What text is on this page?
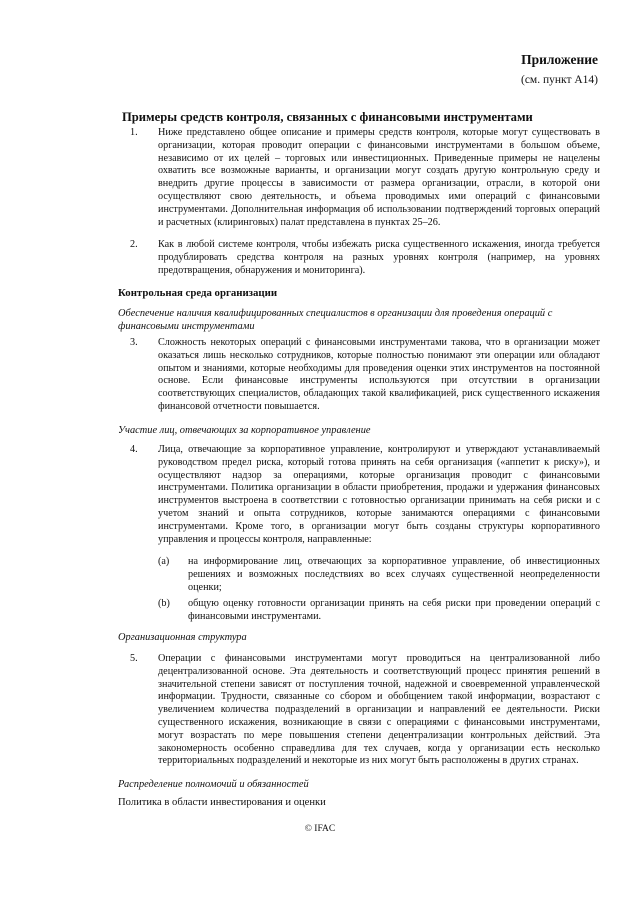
Приложение
(см. пункт А14)
Примеры средств контроля, связанных с финансовыми инструментами
1. Ниже представлено общее описание и примеры средств контроля, которые могут существовать в организации, которая проводит операции с финансовыми инструментами в большом объеме, независимо от их целей – торговых или инвестиционных. Приведенные примеры не нацелены охватить все возможные варианты, и организации могут создать другую контрольную среду и внедрить другие процессы в зависимости от размера организации, отрасли, в которой они осуществляют свою деятельность, и объема проводимых ими операций с финансовыми инструментами. Дополнительная информация об использовании подтверждений торговых операций и расчетных (клиринговых) палат представлена в пунктах 25–26.
2. Как в любой системе контроля, чтобы избежать риска существенного искажения, иногда требуется продублировать средства контроля на разных уровнях контроля (например, на уровнях предотвращения, обнаружения и мониторинга).
Контрольная среда организации
Обеспечение наличия квалифицированных специалистов в организации для проведения операций с финансовыми инструментами
3. Сложность некоторых операций с финансовыми инструментами такова, что в организации может оказаться лишь несколько сотрудников, которые полностью понимают эти операции или обладают опытом и знаниями, которые необходимы для проведения оценки этих инструментов на постоянной основе. Если финансовые инструменты используются при отсутствии в организации соответствующих специалистов, обладающих такой квалификацией, риск существенного искажения финансовой отчетности повышается.
Участие лиц, отвечающих за корпоративное управление
4. Лица, отвечающие за корпоративное управление, контролируют и утверждают устанавливаемый руководством предел риска, который готова принять на себя организация («аппетит к риску»), и осуществляют надзор за операциями, которые организация проводит с финансовыми инструментами. Политика организации в области приобретения, продажи и удержания финансовых инструментов выстроена в соответствии с готовностью организации принимать на себя риски и с учетом знаний и опыта сотрудников, которые занимаются операциями с финансовыми инструментами. Кроме того, в организации могут быть созданы структуры корпоративного управления и процессы контроля, направленные:
(a) на информирование лиц, отвечающих за корпоративное управление, об инвестиционных решениях и возможных последствиях во всех случаях существенной неопределенности оценки;
(b) общую оценку готовности организации принять на себя риски при проведении операций с финансовыми инструментами.
Организационная структура
5. Операции с финансовыми инструментами могут проводиться на централизованной либо децентрализованной основе. Эта деятельность и соответствующий процесс принятия решений в значительной степени зависят от поступления точной, надежной и своевременной управленческой информации. Трудности, связанные со сбором и обобщением такой информации, возрастают с увеличением количества подразделений в организации и направлений ее деятельности. Риски существенного искажения, возникающие в связи с операциями с финансовыми инструментами, могут возрастать по мере повышения степени децентрализации контрольных действий. Эта закономерность особенно справедлива для тех случаев, когда у организации есть несколько территориальных подразделений и некоторые из них могут быть расположены в других странах.
Распределение полномочий и обязанностей
Политика в области инвестирования и оценки
© IFAC
